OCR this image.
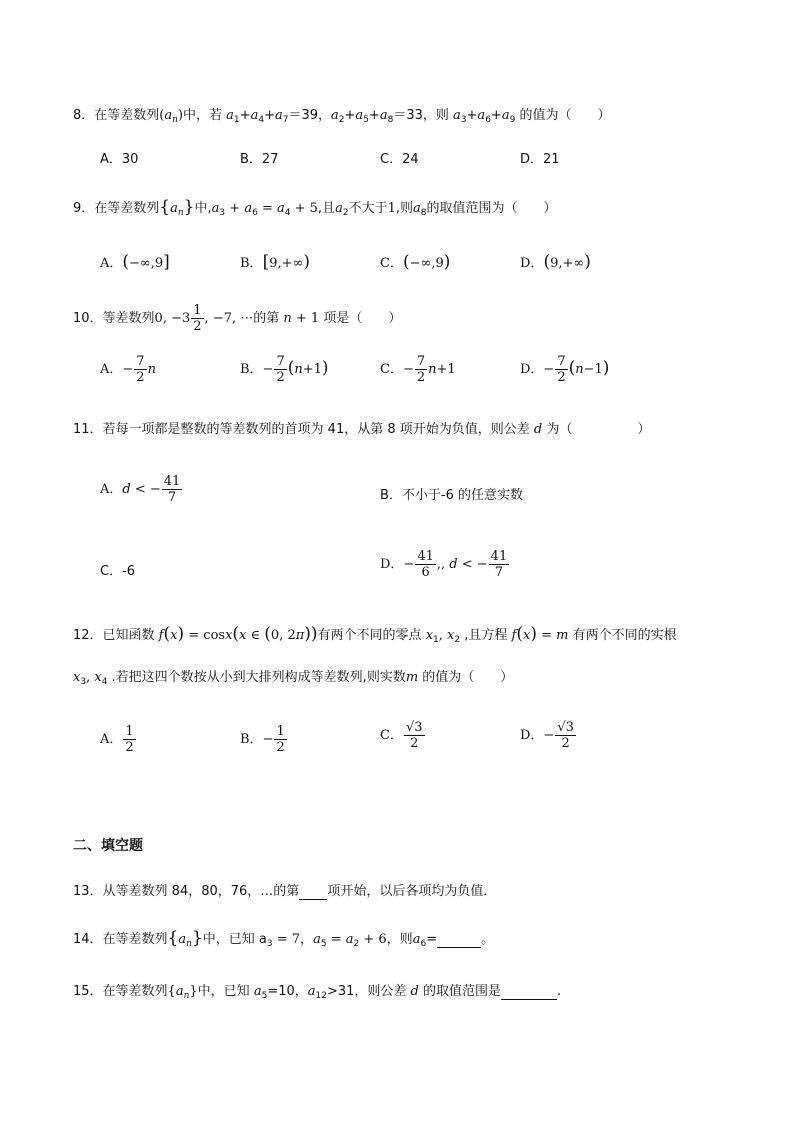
8．在等差数列$(a_n)$中，若 $a_1+a_4+a_7=39$，$a_2+a_5+a_8=33$，则 $a_3+a_6+a_9$ 的值为（　　）
A．30	B．27	C．24	D．21
9．在等差数列$\{a_n\}$中$,a_3 + a_6 = a_4 + 5$,且$a_2$不大于1,则$a_8$的取值范围为（　　）
A．(−∞,9]	B．[9,+∞)	C．(−∞,9)	D．(9,+∞)
10．等差数列0, $-3 \frac{1}{2}$ , −7, ⋯的第 n + 1 项是（　　）
A．− $\frac{7}{2}$ n	B．− $\frac{7}{2} (n+1)$	C．− $\frac{7}{2} n+1$	D．− $\frac{7}{2} (n-1)$
11．若每一项都是整数的等差数列的首项为 41，从第 8 项开始为负值，则公差 d 为（　　　　　）
A．d < − $\frac{41}{7}$	B．不小于-6 的任意实数
C．-6	D．− $\frac{41}{6}$ ,, d < − $\frac{41}{7}$
12．已知函数 f(x) = cosx(x ∈ (0, 2π))有两个不同的零点 $x_1$, $x_2$ ,且方程 f(x) = m 有两个不同的实根
$x_3$, $x_4$ .若把这四个数按从小到大排列构成等差数列,则实数m 的值为（　　）
A． $\frac{1}{2}$	B．− $\frac{1}{2}$	C． $\frac{√3}{2}$	D．− $\frac{√3}{2}$
二、填空题
13．从等差数列 84，80，76，…的第 项开始，以后各项均为负值．
14．在等差数列$\{a_n\}$中，已知 $a_3 = 7$，$a_5 = a_2 + 6$，则$a_6=$	。
15．在等差数列$\{a_n\}$中，已知 $a_5=10$，$a_{12}>31$，则公差 d 的取值范围是	.
